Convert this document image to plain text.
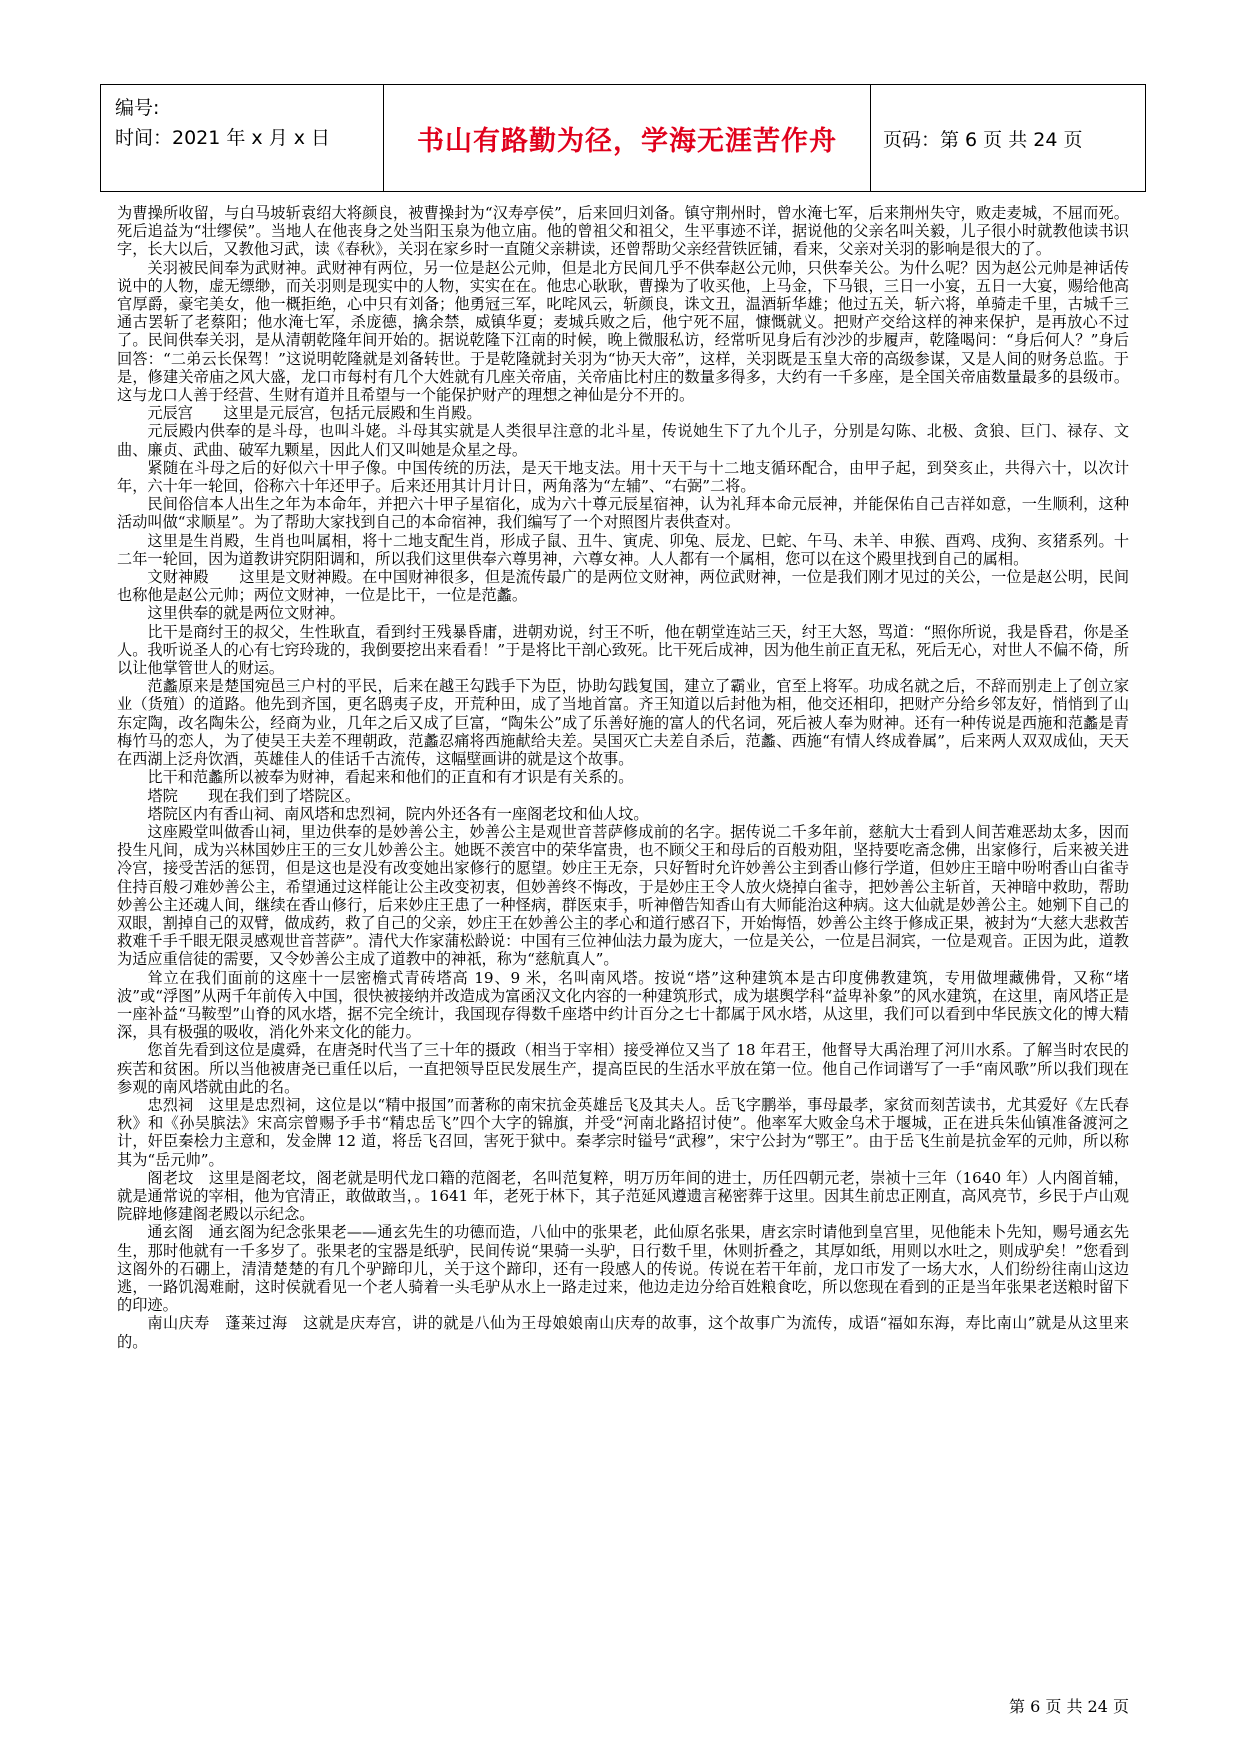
编号:
时间：2021 年 x 月 x 日	书山有路勤为径，学海无涯苦作舟	页码：第 6 页 共 24 页

为曹操所收留，与白马坡斩袁绍大将颜良，被曹操封为“汉寿亭侯”，后来回归刘备。镇守荆州时，曾水淹七军，后来荆州失守，败走麦城，不屈而死。死后追益为“壮缪侯”。当地人在他丧身之处当阳玉泉为他立庙。他的曾祖父和祖父，生平事迹不详，据说他的父亲名叫关毅，儿子很小时就教他读书识字，长大以后，又教他习武，读《春秋》，关羽在家乡时一直随父亲耕读，还曾帮助父亲经营铁匠铺，看来，父亲对关羽的影响是很大的了。

关羽被民间奉为武财神。武财神有两位，另一位是赵公元帅，但是北方民间几乎不供奉赵公元帅，只供奉关公。为什么呢？因为赵公元帅是神话传说中的人物，虚无缥缈，而关羽则是现实中的人物，实实在在。他忠心耿耿，曹操为了收买他，上马金，下马银，三日一小宴，五日一大宴，赐给他高官厚爵，豪宅美女，他一概拒绝，心中只有刘备；他勇冠三军，叱咤风云，斩颜良，诛文丑，温酒斩华雄；他过五关，斩六将，单骑走千里，古城千三通古罢斩了老蔡阳；他水淹七军，杀庞德，擒余禁，威镇华夏；麦城兵败之后，他宁死不屈，慷慨就义。把财产交给这样的神来保护，是再放心不过了。民间供奉关羽，是从清朝乾隆年间开始的。据说乾隆下江南的时候，晚上微服私访，经常听见身后有沙沙的步履声，乾隆喝问：“身后何人？”身后回答：“二弟云长保驾！”这说明乾隆就是刘备转世。于是乾隆就封关羽为“协天大帝”，这样，关羽既是玉皇大帝的高级参谋，又是人间的财务总监。于是，修建关帝庙之风大盛，龙口市每村有几个大姓就有几座关帝庙，关帝庙比村庄的数量多得多，大约有一千多座，是全国关帝庙数量最多的县级市。这与龙口人善于经营、生财有道并且希望与一个能保护财产的理想之神仙是分不开的。

元辰宫　　这里是元辰宫，包括元辰殿和生肖殿。

元辰殿内供奉的是斗母，也叫斗姥。斗母其实就是人类很早注意的北斗星，传说她生下了九个儿子，分别是勾陈、北极、贪狼、巨门、禄存、文曲、廉贞、武曲、破军九颗星，因此人们又叫她是众星之母。

紧随在斗母之后的好似六十甲子像。中国传统的历法，是天干地支法。用十天干与十二地支循环配合，由甲子起，到癸亥止，共得六十，以次计年，六十年一轮回，俗称六十年还甲子。后来还用其计月计日，两角落为“左辅”、“右弼”二将。

民间俗信本人出生之年为本命年，并把六十甲子星宿化，成为六十尊元辰星宿神，认为礼拜本命元辰神，并能保佑自己吉祥如意，一生顺利，这种活动叫做“求顺星”。为了帮助大家找到自己的本命宿神，我们编写了一个对照图片表供查对。

这里是生肖殿，生肖也叫属相，将十二地支配生肖，形成子鼠、丑牛、寅虎、卯兔、辰龙、巳蛇、午马、未羊、申猴、酉鸡、戌狗、亥猪系列。十二年一轮回，因为道教讲究阴阳调和，所以我们这里供奉六尊男神，六尊女神。人人都有一个属相，您可以在这个殿里找到自己的属相。

文财神殿　　这里是文财神殿。在中国财神很多，但是流传最广的是两位文财神，两位武财神，一位是我们刚才见过的关公，一位是赵公明，民间也称他是赵公元帅；两位文财神，一位是比干，一位是范蠡。

这里供奉的就是两位文财神。

比干是商纣王的叔父，生性耿直，看到纣王残暴昏庸，进朝劝说，纣王不听，他在朝堂连站三天，纣王大怒，骂道：“照你所说，我是昏君，你是圣人。我听说圣人的心有七窍玲珑的，我倒要挖出来看看！”于是将比干剖心致死。比干死后成神，因为他生前正直无私，死后无心，对世人不偏不倚，所以让他掌管世人的财运。

范蠡原来是楚国宛邑三户村的平民，后来在越王勾践手下为臣，协助勾践复国，建立了霸业，官至上将军。功成名就之后，不辞而别走上了创立家业（货殖）的道路。他先到齐国，更名鸱夷子皮，开荒种田，成了当地首富。齐王知道以后封他为相，他交还相印，把财产分给乡邻友好，悄悄到了山东定陶，改名陶朱公，经商为业，几年之后又成了巨富，“陶朱公”成了乐善好施的富人的代名词，死后被人奉为财神。还有一种传说是西施和范蠡是青梅竹马的恋人，为了使吴王夫差不理朝政，范蠡忍痛将西施献给夫差。吴国灭亡夫差自杀后，范蠡、西施“有情人终成眷属”，后来两人双双成仙，天天在西湖上泛舟饮酒，英雄佳人的佳话千古流传，这幅壁画讲的就是这个故事。

比干和范蠡所以被奉为财神，看起来和他们的正直和有才识是有关系的。

塔院　　现在我们到了塔院区。

塔院区内有香山祠、南风塔和忠烈祠，院内外还各有一座阁老坟和仙人坟。

这座殿堂叫做香山祠，里边供奉的是妙善公主，妙善公主是观世音菩萨修成前的名字。据传说二千多年前，慈航大士看到人间苦难恶劫太多，因而投生凡间，成为兴林国妙庄王的三女儿妙善公主。她既不羡宫中的荣华富贵，也不顾父王和母后的百般劝阻，坚持要吃斋念佛，出家修行，后来被关进冷宫，接受苦活的惩罚，但是这也是没有改变她出家修行的愿望。妙庄王无奈，只好暂时允许妙善公主到香山修行学道，但妙庄王暗中吩咐香山白雀寺住持百般刁难妙善公主，希望通过这样能让公主改变初衷，但妙善终不悔改，于是妙庄王令人放火烧掉白雀寺，把妙善公主斩首，天神暗中救助，帮助妙善公主还魂人间，继续在香山修行，后来妙庄王患了一种怪病，群医束手，听神僧告知香山有大师能治这种病。这大仙就是妙善公主。她剜下自己的双眼，割掉自己的双臂，做成药，救了自己的父亲，妙庄王在妙善公主的孝心和道行感召下，开始悔悟，妙善公主终于修成正果，被封为“大慈大悲救苦救难千手千眼无限灵感观世音菩萨”。清代大作家蒲松龄说：中国有三位神仙法力最为庞大，一位是关公，一位是吕洞宾，一位是观音。正因为此，道教为适应重信徒的需要，又令妙善公主成了道教中的神祇，称为“慈航真人”。

耸立在我们面前的这座十一层密檐式青砖塔高 19、9 米，名叫南风塔。按说“塔”这种建筑本是古印度佛教建筑，专用做埋藏佛骨，又称“堵波”或“浮图”从两千年前传入中国，很快被接纳并改造成为富函汉文化内容的一种建筑形式，成为堪舆学科“益卑补象”的风水建筑，在这里，南风塔正是一座补益“马鞍型”山脊的风水塔，据不完全统计，我国现存得数千座塔中约计百分之七十都属于风水塔，从这里，我们可以看到中华民族文化的博大精深，具有极强的吸收，消化外来文化的能力。

您首先看到这位是虞舜，在唐尧时代当了三十年的摄政（相当于宰相）接受禅位又当了 18 年君王，他督导大禹治理了河川水系。了解当时农民的疾苦和贫困。所以当他被唐尧已重任以后，一直把领导臣民发展生产，提高臣民的生活水平放在第一位。他自己作词谱写了一手“南风歌”所以我们现在参观的南风塔就由此的名。

忠烈祠　这里是忠烈祠，这位是以“精中报国”而著称的南宋抗金英雄岳飞及其夫人。岳飞字鹏举，事母最孝，家贫而刻苦读书，尤其爱好《左氏春秋》和《孙吴膑法》宋高宗曾赐予手书“精忠岳飞”四个大字的锦旗，并受“河南北路招讨使”。他率军大败金乌术于堰城，正在进兵朱仙镇准备渡河之计，奸臣秦桧力主意和，发金牌 12 道，将岳飞召回，害死于狱中。秦孝宗时镒号“武穆”，宋宁公封为“鄂王”。由于岳飞生前是抗金军的元帅，所以称其为“岳元帅”。

阁老坟　这里是阁老坟，阁老就是明代龙口籍的范阁老，名叫范复粹，明万历年间的进士，历任四朝元老，崇祯十三年（1640 年）人内阁首辅，就是通常说的宰相，他为官清正，敢做敢当，。1641 年，老死于林下，其子范延风遵遗言秘密葬于这里。因其生前忠正刚直，高风亮节，乡民于卢山观院辟地修建阁老殿以示纪念。

通玄阁　通玄阁为纪念张果老——通玄先生的功德而造，八仙中的张果老，此仙原名张果，唐玄宗时请他到皇宫里，见他能未卜先知，赐号通玄先生，那时他就有一千多岁了。张果老的宝器是纸驴，民间传说“果骑一头驴，日行数千里，休则折叠之，其厚如纸，用则以水吐之，则成驴矣！”您看到这阁外的石硼上，清清楚楚的有几个驴蹄印儿，关于这个蹄印，还有一段感人的传说。传说在若干年前，龙口市发了一场大水，人们纷纷往南山这边逃，一路饥渴难耐，这时侯就看见一个老人骑着一头毛驴从水上一路走过来，他边走边分给百姓粮食吃，所以您现在看到的正是当年张果老送粮时留下的印迹。

南山庆寿　蓬莱过海　这就是庆寿宫，讲的就是八仙为王母娘娘南山庆寿的故事，这个故事广为流传，成语“福如东海，寿比南山”就是从这里来的。

第 6 页 共 24 页
